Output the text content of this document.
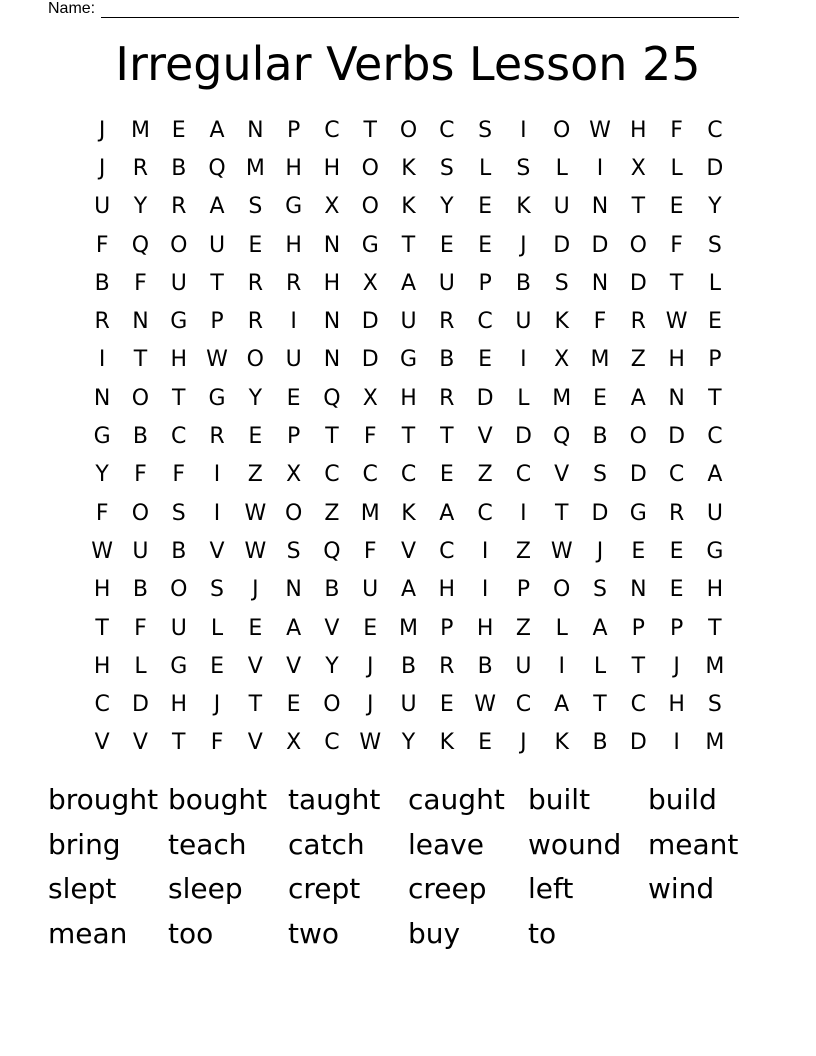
Name:
Irregular Verbs Lesson 25
J	M E	A	N	P	C	T	O C	S	I	O W H	F	C
J	R	B	Q M H H O	K	S	L	S	L	I	X	L	D
U	Y	R	A	S	G	X	O	K	Y	E	K	U	N	T	E	Y
F	Q O U	E	H N G	T	E	E	J	D D O	F	S
B	F	U	T	R	R	H	X	A	U	P	B	S	N D	T	L
R	N G	P	R	I	N D U	R	C	U	K	F	R W E
I	T	H W O U	N D G	B	E	I	X M Z	H	P
N O	T	G	Y	E	Q	X	H	R	D	L	M E	A	N	T
G	B	C	R	E	P	T	F	T	T	V	D Q	B	O D	C
Y	F	F	I	Z	X	C	C	C	E	Z	C	V	S	D	C	A
F	O	S	I	W O	Z M K	A	C	I	T	D G	R	U
W U	B	V W S	Q	F	V	C	I	Z W	J	E	E	G
H	B	O	S	J	N	B	U	A	H	I	P	O	S	N	E	H
T	F	U	L	E	A	V	E M	P	H	Z	L	A	P	P	T
H	L	G	E	V	V	Y	J	B	R	B	U	I	L	T	J	M
C	D H	J	T	E	O	J	U	E W C	A	T	C	H	S
V	V	T	F	V	X	C W Y	K	E	J	K	B	D	I	M
brought bought taught caught built	build
bring	teach	catch	leave	wound meant
slept	sleep	crept	creep	left	wind
mean	too	two	buy	to
